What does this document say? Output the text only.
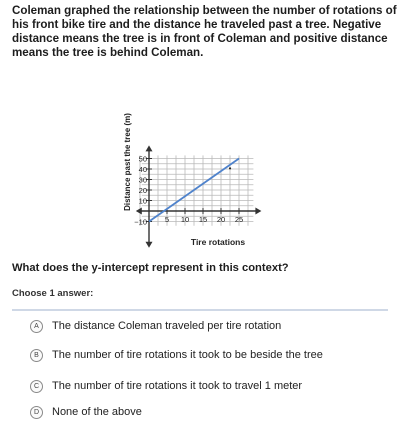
Coleman graphed the relationship between the number of rotations of his front bike tire and the distance he traveled past a tree. Negative distance means the tree is in front of Coleman and positive distance means the tree is behind Coleman.
5 10 15 20 25
50
40
30
20
10
−10
•
Tire rotations
Distance past the tree (m)
What does the y-intercept represent in this context?
Choose 1 answer:
A	The distance Coleman traveled per tire rotation
B	The number of tire rotations it took to be beside the tree
C	The number of tire rotations it took to travel 1 meter
D	None of the above
